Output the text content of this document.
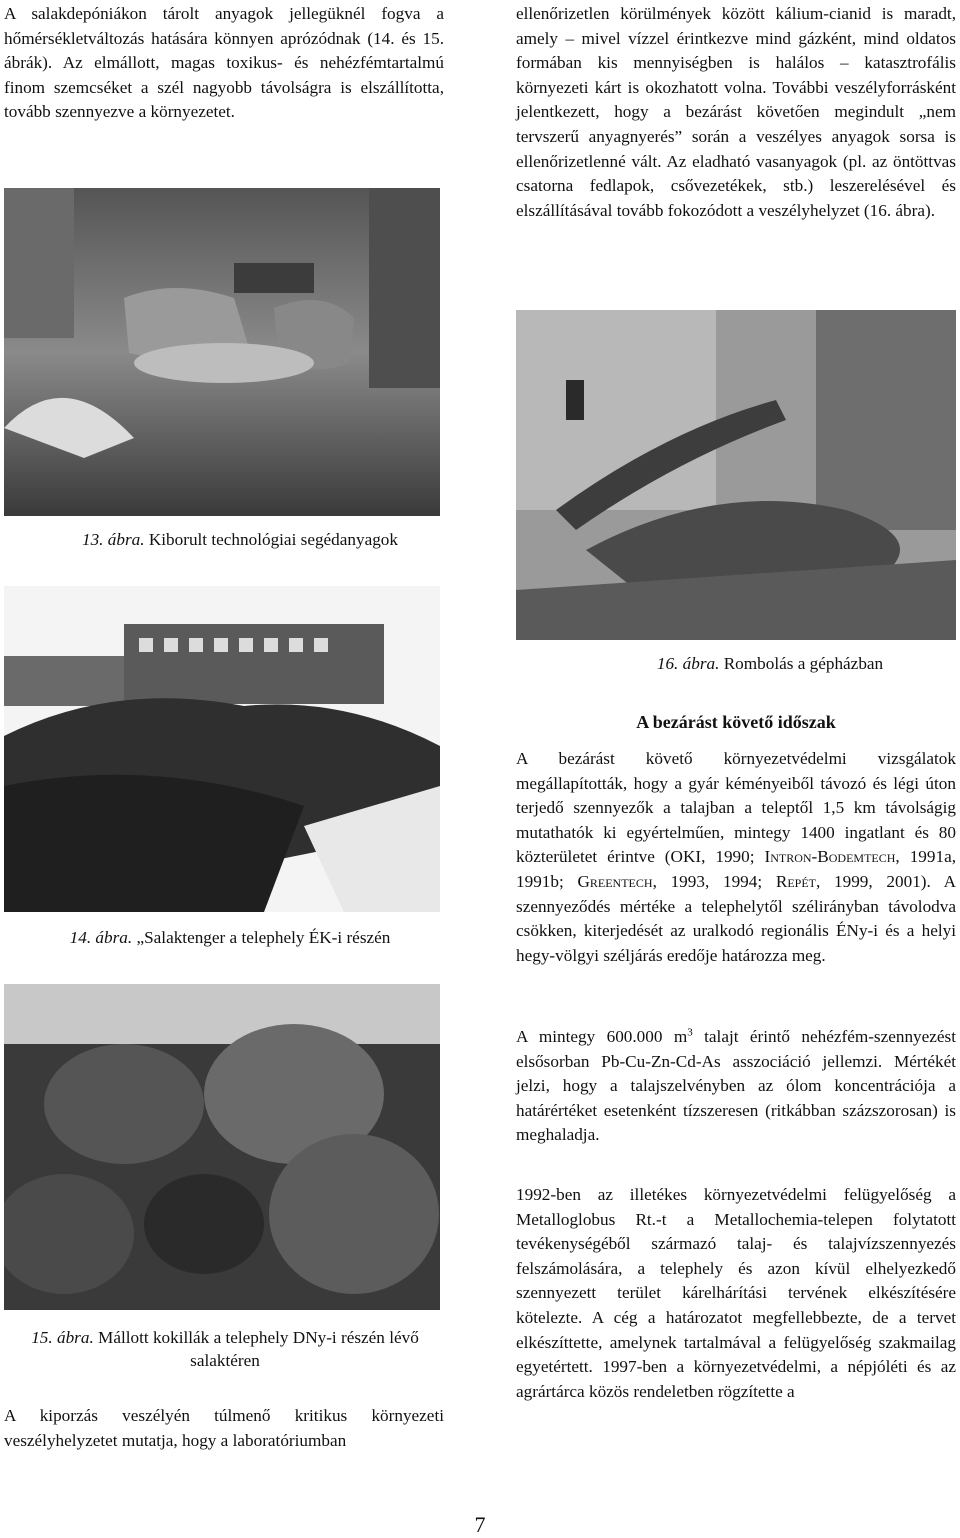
A salakdepóniákon tárolt anyagok jellegüknél fogva a hőmérsékletváltozás hatására könnyen aprózódnak (14. és 15. ábrák). Az elmállott, magas toxikus- és nehézfémtartalmú finom szemcséket a szél nagyobb távolságra is elszállította, tovább szennyezve a környezetet.

13. ábra. Kiborult technológiai segédanyagok

14. ábra. „Salaktenger a telephely ÉK-i részén

15. ábra. Mállott kokillák a telephely DNy-i részén lévő salaktéren

A kiporzás veszélyén túlmenő kritikus környezeti veszélyhelyzetet mutatja, hogy a laboratóriumban

ellenőrizetlen körülmények között kálium-cianid is maradt, amely – mivel vízzel érintkezve mind gázként, mind oldatos formában kis mennyiségben is halálos – katasztrofális környezeti kárt is okozhatott volna. További veszélyforrásként jelentkezett, hogy a bezárást követően megindult „nem tervszerű anyagnyerés” során a veszélyes anyagok sorsa is ellenőrizetlenné vált. Az eladható vasanyagok (pl. az öntöttvas csatorna fedlapok, csővezetékek, stb.) leszerelésével és elszállításával tovább fokozódott a veszélyhelyzet (16. ábra).

16. ábra. Rombolás a gépházban

A bezárást követő időszak

A bezárást követő környezetvédelmi vizsgálatok megállapították, hogy a gyár kéményeiből távozó és légi úton terjedő szennyezők a talajban a teleptől 1,5 km távolságig mutathatók ki egyértelműen, mintegy 1400 ingatlant és 80 közterületet érintve (OKI, 1990; Intron-Bodemtech, 1991a, 1991b; Greentech, 1993, 1994; Repét, 1999, 2001). A szennyeződés mértéke a telephelytől szélirányban távolodva csökken, kiterjedését az uralkodó regionális ÉNy-i és a helyi hegy-völgyi széljárás eredője határozza meg.

A mintegy 600.000 $m^3$ talajt érintő nehézfém-szennyezést elsősorban Pb-Cu-Zn-Cd-As asszociáció jellemzi. Mértékét jelzi, hogy a talajszelvényben az ólom koncentrációja a határértéket esetenként tízszeresen (ritkábban százszorosan) is meghaladja.

1992-ben az illetékes környezetvédelmi felügyelőség a Metalloglobus Rt.-t a Metallochemia-telepen folytatott tevékenységéből származó talaj- és talajvízszennyezés felszámolására, a telephely és azon kívül elhelyezkedő szennyezett terület kárelhárítási tervének elkészítésére kötelezte. A cég a határozatot megfellebbezte, de a tervet elkészíttette, amelynek tartalmával a felügyelőség szakmailag egyetértett. 1997-ben a környezetvédelmi, a népjóléti és az agrártárca közös rendeletben rögzítette a

7
